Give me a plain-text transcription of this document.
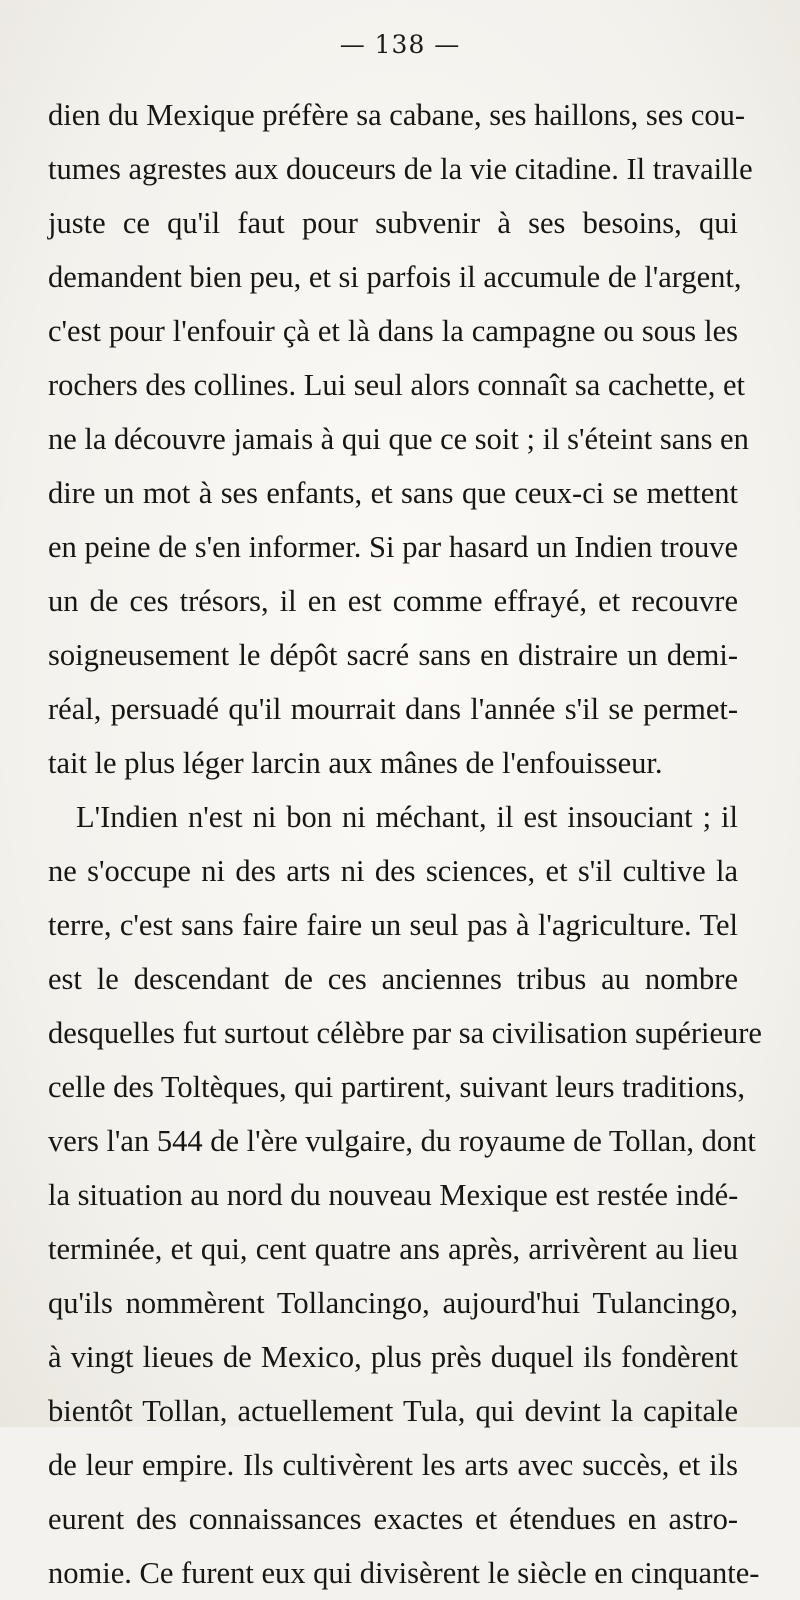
— 138 —
dien du Mexique préfère sa cabane, ses haillons, ses cou-
tumes agrestes aux douceurs de la vie citadine. Il travaille
juste ce qu'il faut pour subvenir à ses besoins, qui
demandent bien peu, et si parfois il accumule de l'argent,
c'est pour l'enfouir çà et là dans la campagne ou sous les
rochers des collines. Lui seul alors connaît sa cachette, et
ne la découvre jamais à qui que ce soit ; il s'éteint sans en
dire un mot à ses enfants, et sans que ceux-ci se mettent
en peine de s'en informer. Si par hasard un Indien trouve
un de ces trésors, il en est comme effrayé, et recouvre
soigneusement le dépôt sacré sans en distraire un demi-
réal, persuadé qu'il mourrait dans l'année s'il se permet-
tait le plus léger larcin aux mânes de l'enfouisseur.
L'Indien n'est ni bon ni méchant, il est insouciant ; il
ne s'occupe ni des arts ni des sciences, et s'il cultive la
terre, c'est sans faire faire un seul pas à l'agriculture. Tel
est le descendant de ces anciennes tribus au nombre
desquelles fut surtout célèbre par sa civilisation supérieure
celle des Toltèques, qui partirent, suivant leurs traditions,
vers l'an 544 de l'ère vulgaire, du royaume de Tollan, dont
la situation au nord du nouveau Mexique est restée indé-
terminée, et qui, cent quatre ans après, arrivèrent au lieu
qu'ils nommèrent Tollancingo, aujourd'hui Tulancingo,
à vingt lieues de Mexico, plus près duquel ils fondèrent
bientôt Tollan, actuellement Tula, qui devint la capitale
de leur empire. Ils cultivèrent les arts avec succès, et ils
eurent des connaissances exactes et étendues en astro-
nomie. Ce furent eux qui divisèrent le siècle en cinquante-
